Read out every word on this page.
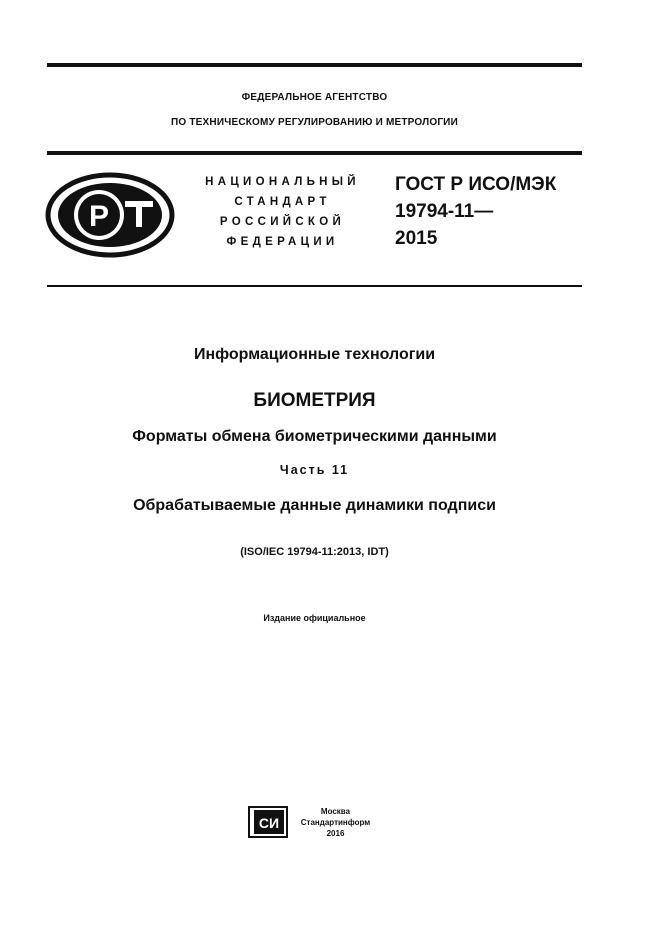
ФЕДЕРАЛЬНОЕ АГЕНТСТВО
ПО ТЕХНИЧЕСКОМУ РЕГУЛИРОВАНИЮ И МЕТРОЛОГИИ
Р
НАЦИОНАЛЬНЫЙ
СТАНДАРТ
РОССИЙСКОЙ
ФЕДЕРАЦИИ
ГОСТ Р ИСО/МЭК
19794-11—
2015
Информационные технологии
БИОМЕТРИЯ
Форматы обмена биометрическими данными
Часть 11
Обрабатываемые данные динамики подписи
(ISO/IEC 19794-11:2013, IDT)
Издание официальное
СИ
Москва
Стандартинформ
2016
